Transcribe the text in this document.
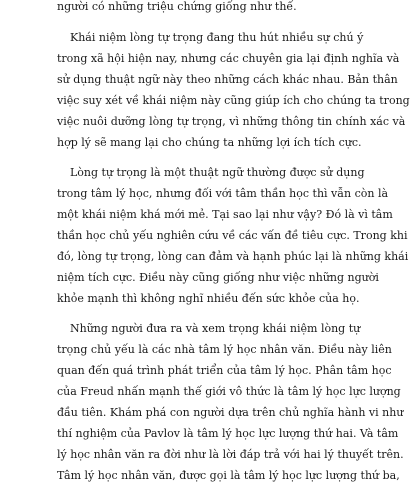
người có những triệu chứng giống như thế.
Khái niệm lòng tự trọng đang thu hút nhiều sự chú ý
trong xã hội hiện nay, nhưng các chuyên gia lại định nghĩa và
sử dụng thuật ngữ này theo những cách khác nhau. Bản thân
việc suy xét về khái niệm này cũng giúp ích cho chúng ta trong
việc nuôi dưỡng lòng tự trọng, vì những thông tin chính xác và
hợp lý sẽ mang lại cho chúng ta những lợi ích tích cực.
Lòng tự trọng là một thuật ngữ thường được sử dụng
trong tâm lý học, nhưng đối với tâm thần học thì vẫn còn là
một khái niệm khá mới mẻ. Tại sao lại như vậy? Đó là vì tâm
thần học chủ yếu nghiên cứu về các vấn đề tiêu cực. Trong khi
đó, lòng tự trọng, lòng can đảm và hạnh phúc lại là những khái
niệm tích cực. Điều này cũng giống như việc những người
khỏe mạnh thì không nghĩ nhiều đến sức khỏe của họ.
Những người đưa ra và xem trọng khái niệm lòng tự
trọng chủ yếu là các nhà tâm lý học nhân văn. Điều này liên
quan đến quá trình phát triển của tâm lý học. Phân tâm học
của Freud nhấn mạnh thế giới vô thức là tâm lý học lực lượng
đầu tiên. Khám phá con người dựa trên chủ nghĩa hành vi như
thí nghiệm của Pavlov là tâm lý học lực lượng thứ hai. Và tâm
lý học nhân văn ra đời như là lời đáp trả với hai lý thuyết trên.
Tâm lý học nhân văn, được gọi là tâm lý học lực lượng thứ ba,
